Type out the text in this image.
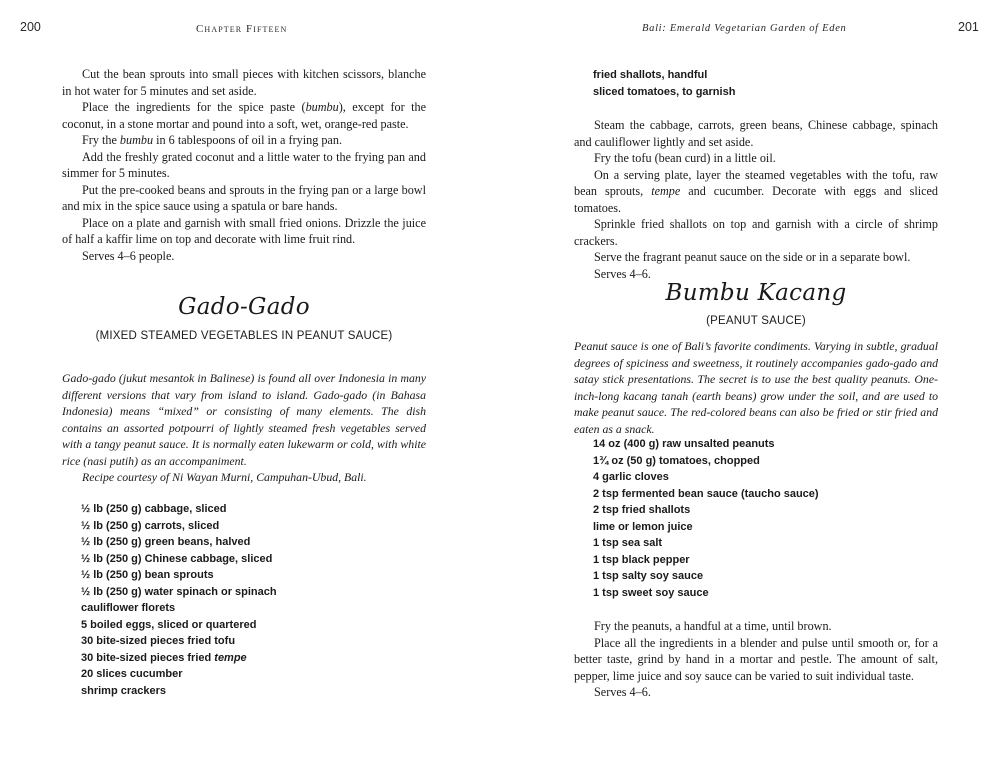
200	Chapter Fifteen

Cut the bean sprouts into small pieces with kitchen scissors, blanche in hot water for 5 minutes and set aside.

Place the ingredients for the spice paste (bumbu), except for the coconut, in a stone mortar and pound into a soft, wet, orange-red paste.

Fry the bumbu in 6 tablespoons of oil in a frying pan.

Add the freshly grated coconut and a little water to the frying pan and simmer for 5 minutes.

Put the pre-cooked beans and sprouts in the frying pan or a large bowl and mix in the spice sauce using a spatula or bare hands.

Place on a plate and garnish with small fried onions. Drizzle the juice of half a kaffir lime on top and decorate with lime fruit rind.

Serves 4–6 people.

Gado-Gado
(MIXED STEAMED VEGETABLES IN PEANUT SAUCE)

Gado-gado (jukut mesantok in Balinese) is found all over Indonesia in many different versions that vary from island to island. Gado-gado (in Bahasa Indonesia) means “mixed” or consisting of many elements. The dish contains an assorted potpourri of lightly steamed fresh vegetables served with a tangy peanut sauce. It is normally eaten lukewarm or cold, with white rice (nasi putih) as an accompaniment.

Recipe courtesy of Ni Wayan Murni, Campuhan-Ubud, Bali.

½ lb (250 g) cabbage, sliced
½ lb (250 g) carrots, sliced
½ lb (250 g) green beans, halved
½ lb (250 g) Chinese cabbage, sliced
½ lb (250 g) bean sprouts
½ lb (250 g) water spinach or spinach
cauliflower florets
5 boiled eggs, sliced or quartered
30 bite-sized pieces fried tofu
30 bite-sized pieces fried tempe
20 slices cucumber
shrimp crackers
Bali: Emerald Vegetarian Garden of Eden	201
fried shallots, handful
sliced tomatoes, to garnish

Steam the cabbage, carrots, green beans, Chinese cabbage, spinach and cauliflower lightly and set aside.

Fry the tofu (bean curd) in a little oil.

On a serving plate, layer the steamed vegetables with the tofu, raw bean sprouts, tempe and cucumber. Decorate with eggs and sliced tomatoes.

Sprinkle fried shallots on top and garnish with a circle of shrimp crackers.

Serve the fragrant peanut sauce on the side or in a separate bowl.

Serves 4–6.

Bumbu Kacang
(PEANUT SAUCE)

Peanut sauce is one of Bali’s favorite condiments. Varying in subtle, gradual degrees of spiciness and sweetness, it routinely accompanies gado-gado and satay stick presentations. The secret is to use the best quality peanuts. One-inch-long kacang tanah (earth beans) grow under the soil, and are used to make peanut sauce. The red-colored beans can also be fried or stir fried and eaten as a snack.

14 oz (400 g) raw unsalted peanuts
1¾ oz (50 g) tomatoes, chopped
4 garlic cloves
2 tsp fermented bean sauce (taucho sauce)
2 tsp fried shallots
lime or lemon juice
1 tsp sea salt
1 tsp black pepper
1 tsp salty soy sauce
1 tsp sweet soy sauce

Fry the peanuts, a handful at a time, until brown.

Place all the ingredients in a blender and pulse until smooth or, for a better taste, grind by hand in a mortar and pestle. The amount of salt, pepper, lime juice and soy sauce can be varied to suit individual taste.

Serves 4–6.
